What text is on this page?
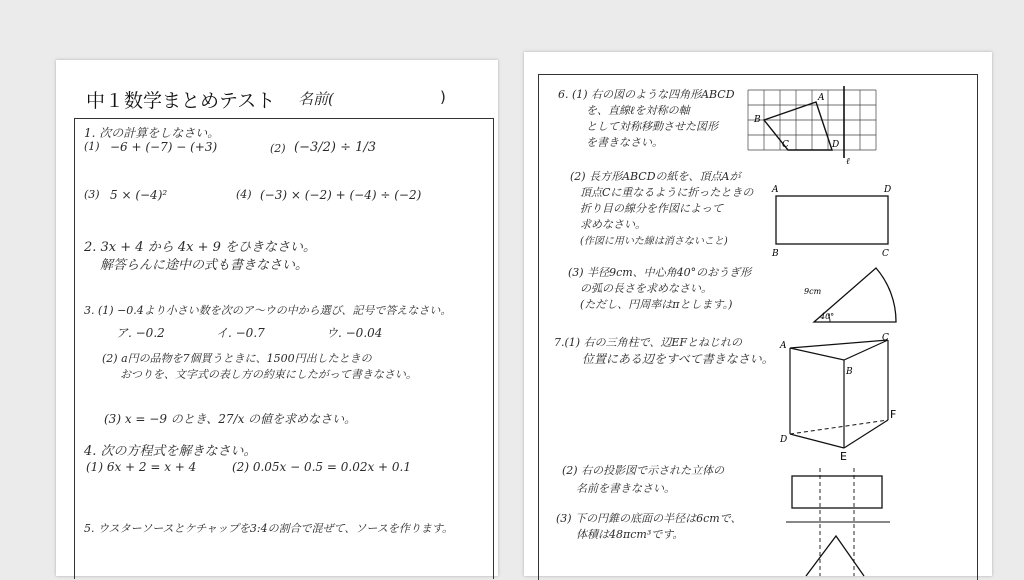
中１数学まとめテスト 名前(	)
1. 次の計算をしなさい。
(1) −6 + (−7) − (+3)	(2) (−3/2) ÷ 1/3
(3) 5 × (−4)²	(4) (−3) × (−2) + (−4) ÷ (−2)
2. 3x + 4 から 4x + 9 をひきなさい。
解答らんに途中の式も書きなさい。
3. (1) −0.4より小さい数を次のア〜ウの中から選び、記号で答えなさい。
ア. −0.2	イ. −0.7	ウ. −0.04
(2) a円の品物を7個買うときに、1500円出したときの
おつりを、文字式の表し方の約束にしたがって書きなさい。
(3) x = −9 のとき、27/x の値を求めなさい。
4. 次の方程式を解きなさい。
(1) 6x + 2 = x + 4	(2) 0.05x − 0.5 = 0.02x + 0.1
5. ウスターソースとケチャップを3:4の割合で混ぜて、ソースを作ります。
6. (1) 右の図のような四角形ABCD
を、直線ℓを対称の軸
として対称移動させた図形
を書きなさい。
A
B
C	D
ℓ
(2) 長方形ABCDの紙を、頂点Aが
頂点Cに重なるように折ったときの
折り目の線分を作図によって
求めなさい。
(作図に用いた線は消さないこと)
A	D
B	C
(3) 半径9cm、中心角40°のおうぎ形
の弧の長さを求めなさい。
(ただし、円周率はπとします。)
9cm
40°
7.(1) 右の三角柱で、辺EFとねじれの
位置にある辺をすべて書きなさい。
A
B
C
D
E
F
(2) 右の投影図で示された立体の
名前を書きなさい。
(3) 下の円錐の底面の半径は6cmで、
体積は48πcm³です。
